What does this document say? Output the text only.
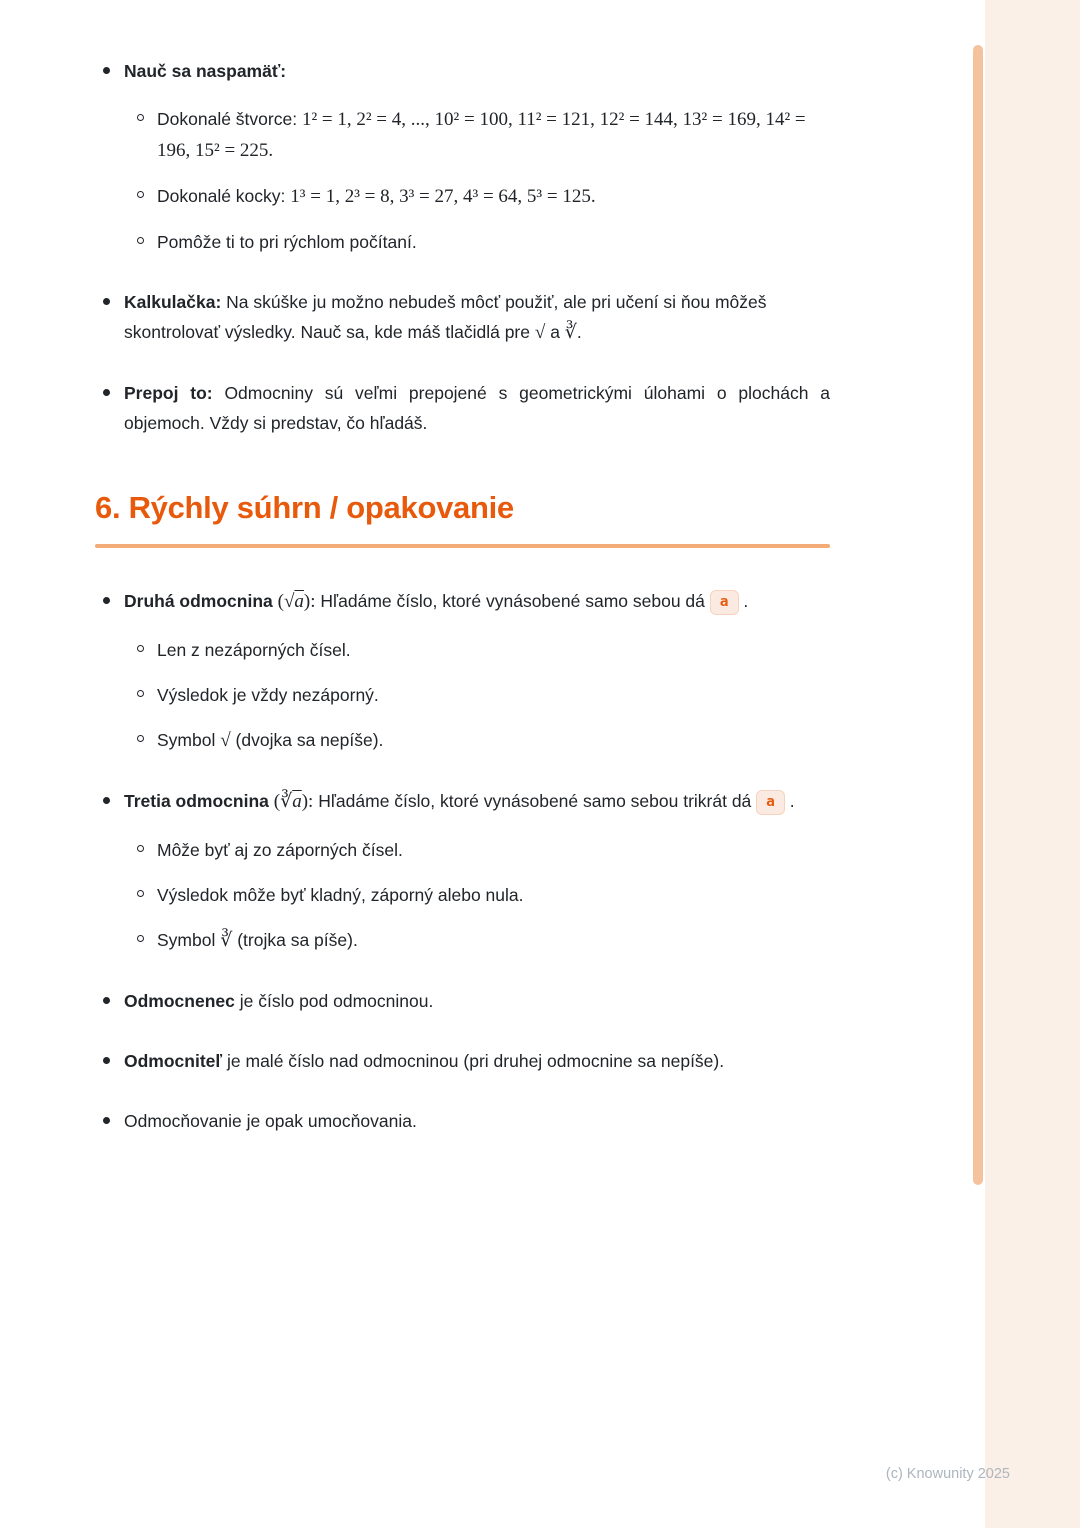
Nauč sa naspamäť:

Dokonalé štvorce: 1² = 1, 2² = 4, ..., 10² = 100, 11² = 121, 12² = 144, 13² = 169, 14² = 196, 15² = 225.

Dokonalé kocky: 1³ = 1, 2³ = 8, 3³ = 27, 4³ = 64, 5³ = 125.

Pomôže ti to pri rýchlom počítaní.

Kalkulačka: Na skúške ju možno nebudeš môcť použiť, ale pri učení si ňou môžeš skontrolovať výsledky. Nauč sa, kde máš tlačidlá pre √ a ∛.

Prepoj to: Odmocniny sú veľmi prepojené s geometrickými úlohami o plochách a objemoch. Vždy si predstav, čo hľadáš.

6. Rýchly súhrn / opakovanie

Druhá odmocnina (√a): Hľadáme číslo, ktoré vynásobené samo sebou dá a .

Len z nezáporných čísel.

Výsledok je vždy nezáporný.

Symbol √ (dvojka sa nepíše).

Tretia odmocnina $(∛\overline{a})$: Hľadáme číslo, ktoré vynásobené samo sebou trikrát dá a .

Môže byť aj zo záporných čísel.

Výsledok môže byť kladný, záporný alebo nula.

Symbol ∛ (trojka sa píše).

Odmocnenec je číslo pod odmocninou.

Odmocniteľ je malé číslo nad odmocninou (pri druhej odmocnine sa nepíše).

Odmocňovanie je opak umocňovania.

(c) Knowunity 2025
